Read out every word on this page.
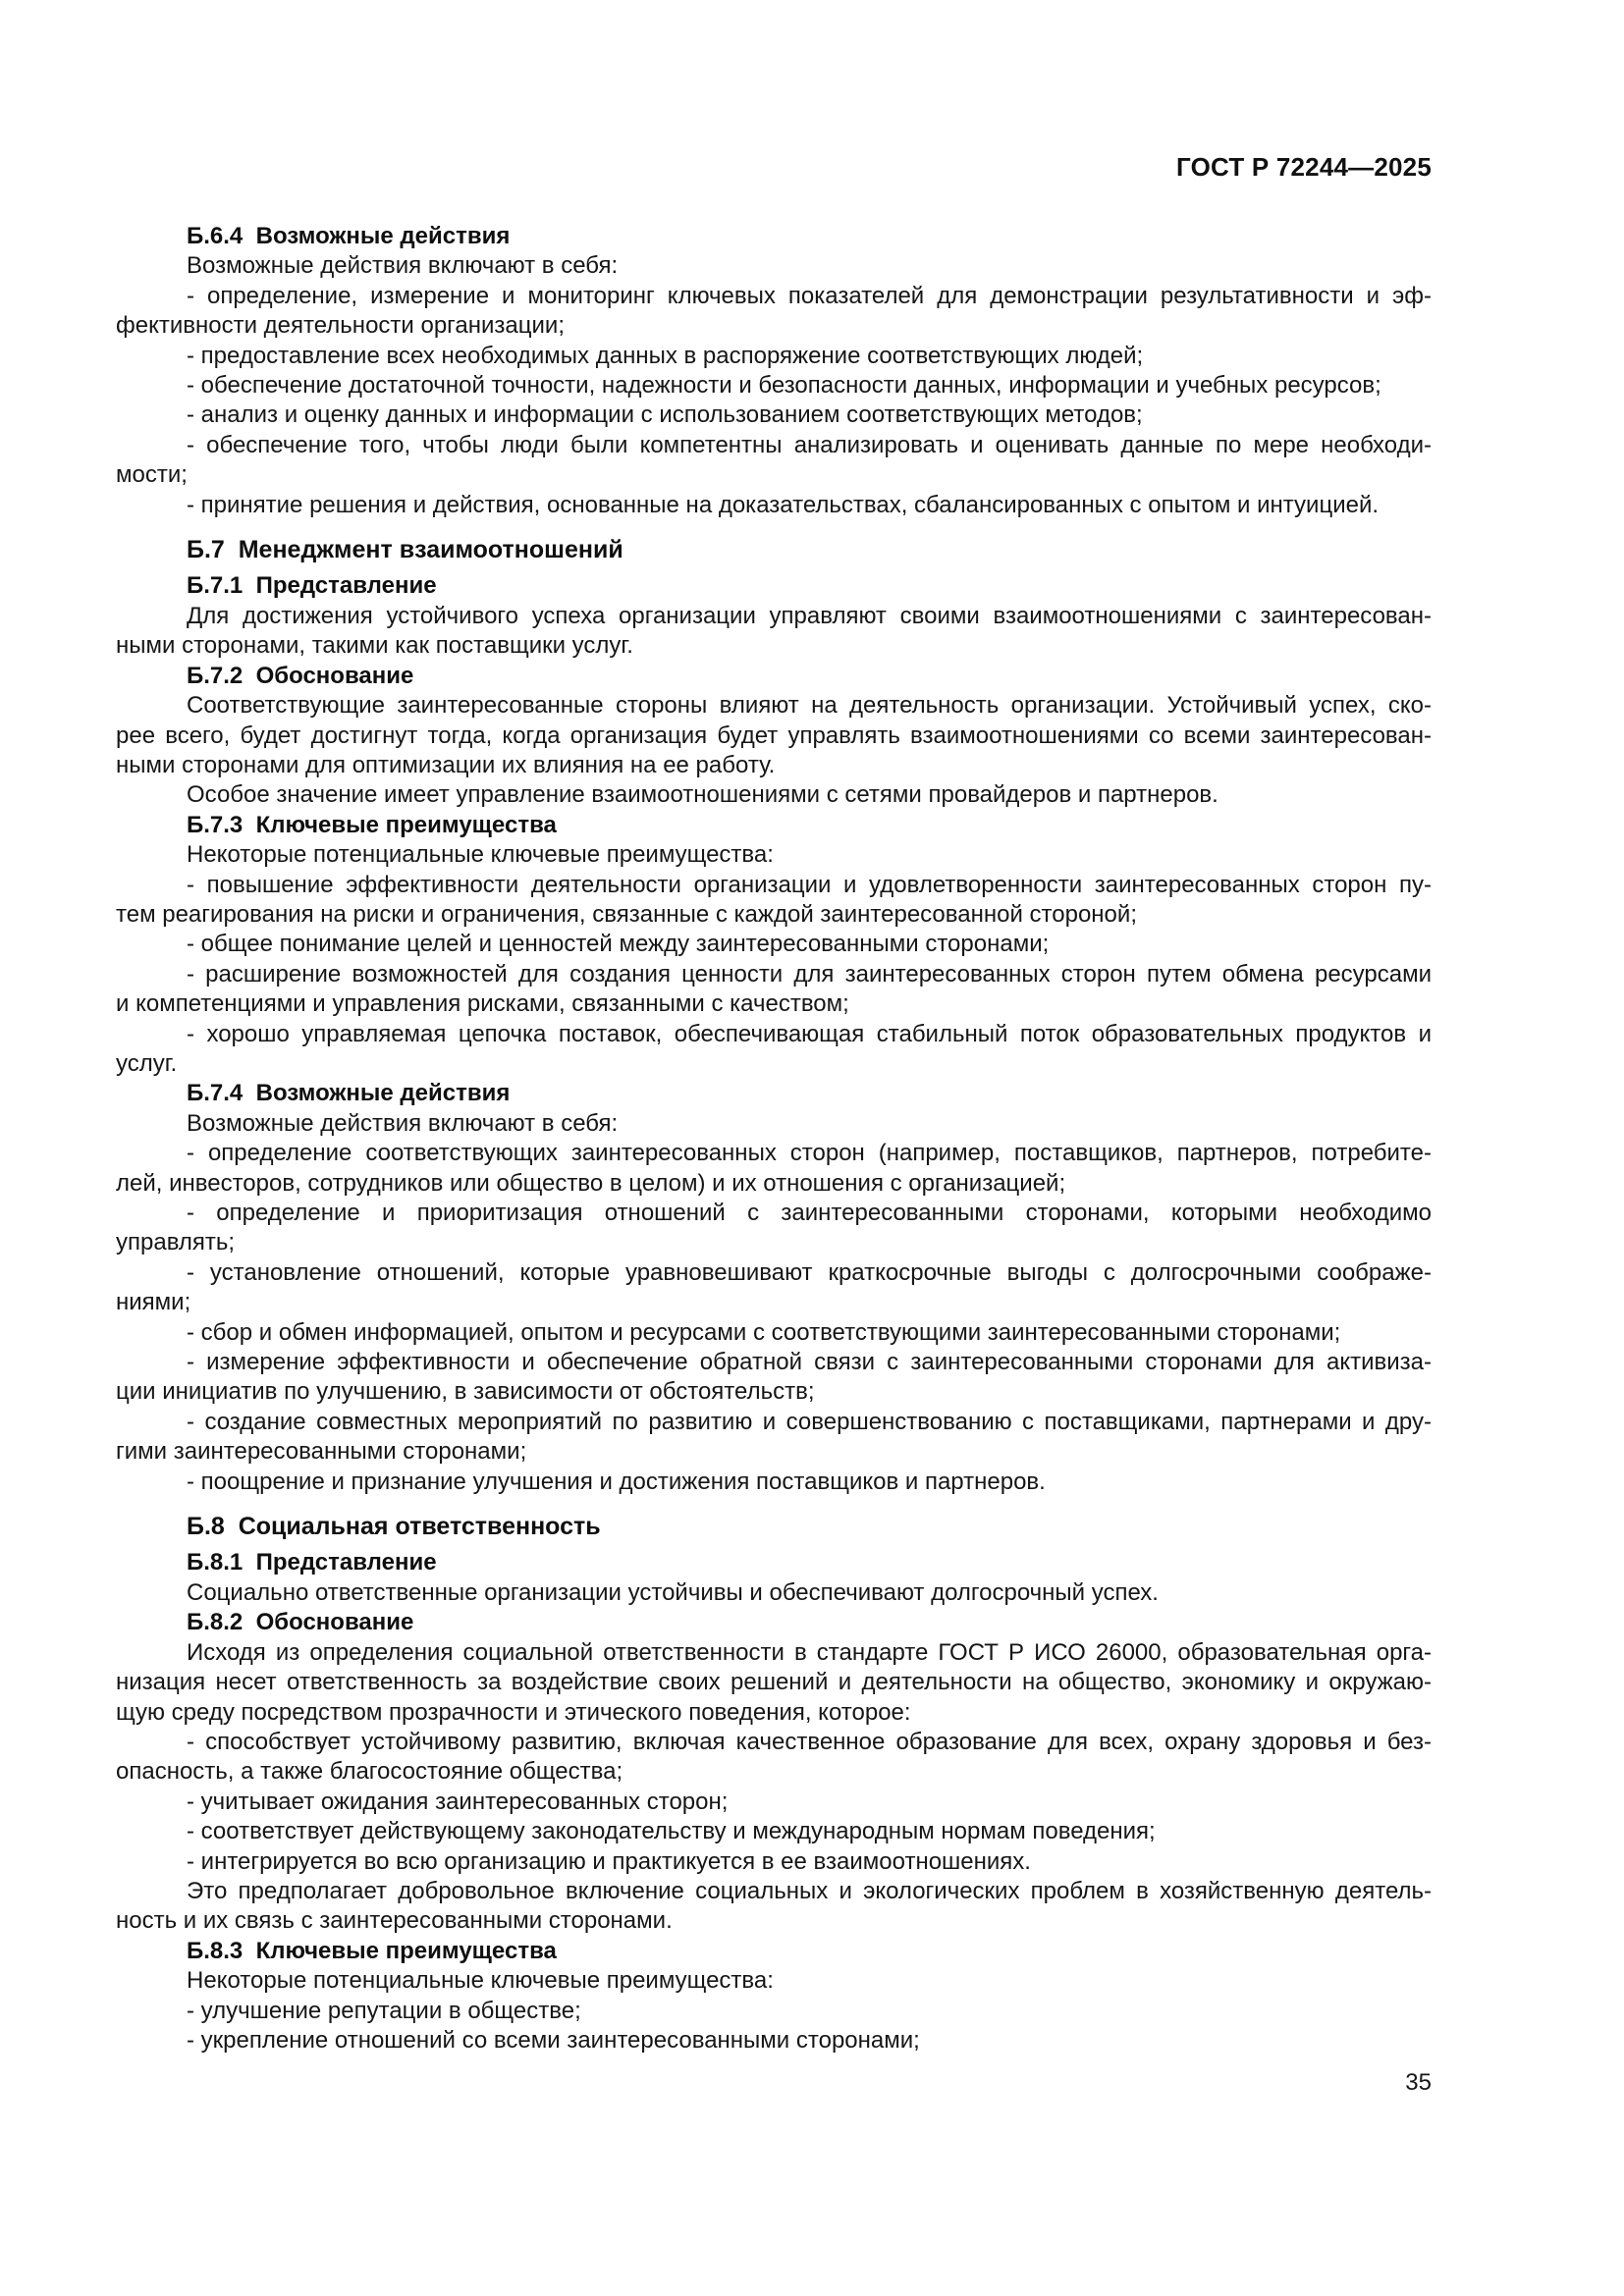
ГОСТ Р 72244—2025
Б.6.4  Возможные действия
Возможные действия включают в себя:
- определение, измерение и мониторинг ключевых показателей для демонстрации результативности и эф-
фективности деятельности организации;
- предоставление всех необходимых данных в распоряжение соответствующих людей;
- обеспечение достаточной точности, надежности и безопасности данных, информации и учебных ресурсов;
- анализ и оценку данных и информации с использованием соответствующих методов;
- обеспечение того, чтобы люди были компетентны анализировать и оценивать данные по мере необходи-
мости;
- принятие решения и действия, основанные на доказательствах, сбалансированных с опытом и интуицией.
Б.7  Менеджмент взаимоотношений
Б.7.1  Представление
Для достижения устойчивого успеха организации управляют своими взаимоотношениями с заинтересован-
ными сторонами, такими как поставщики услуг.
Б.7.2  Обоснование
Соответствующие заинтересованные стороны влияют на деятельность организации. Устойчивый успех, ско-
рее всего, будет достигнут тогда, когда организация будет управлять взаимоотношениями со всеми заинтересован-
ными сторонами для оптимизации их влияния на ее работу.
Особое значение имеет управление взаимоотношениями с сетями провайдеров и партнеров.
Б.7.3  Ключевые преимущества
Некоторые потенциальные ключевые преимущества:
- повышение эффективности деятельности организации и удовлетворенности заинтересованных сторон пу-
тем реагирования на риски и ограничения, связанные с каждой заинтересованной стороной;
- общее понимание целей и ценностей между заинтересованными сторонами;
- расширение возможностей для создания ценности для заинтересованных сторон путем обмена ресурсами
и компетенциями и управления рисками, связанными с качеством;
- хорошо управляемая цепочка поставок, обеспечивающая стабильный поток образовательных продуктов и
услуг.
Б.7.4  Возможные действия
Возможные действия включают в себя:
- определение соответствующих заинтересованных сторон (например, поставщиков, партнеров, потребите-
лей, инвесторов, сотрудников или общество в целом) и их отношения с организацией;
- определение и приоритизация отношений с заинтересованными сторонами, которыми необходимо
управлять;
- установление отношений, которые уравновешивают краткосрочные выгоды с долгосрочными соображе-
ниями;
- сбор и обмен информацией, опытом и ресурсами с соответствующими заинтересованными сторонами;
- измерение эффективности и обеспечение обратной связи с заинтересованными сторонами для активиза-
ции инициатив по улучшению, в зависимости от обстоятельств;
- создание совместных мероприятий по развитию и совершенствованию с поставщиками, партнерами и дру-
гими заинтересованными сторонами;
- поощрение и признание улучшения и достижения поставщиков и партнеров.
Б.8  Социальная ответственность
Б.8.1  Представление
Социально ответственные организации устойчивы и обеспечивают долгосрочный успех.
Б.8.2  Обоснование
Исходя из определения социальной ответственности в стандарте ГОСТ Р ИСО 26000, образовательная орга-
низация несет ответственность за воздействие своих решений и деятельности на общество, экономику и окружаю-
щую среду посредством прозрачности и этического поведения, которое:
- способствует устойчивому развитию, включая качественное образование для всех, охрану здоровья и без-
опасность, а также благосостояние общества;
- учитывает ожидания заинтересованных сторон;
- соответствует действующему законодательству и международным нормам поведения;
- интегрируется во всю организацию и практикуется в ее взаимоотношениях.
Это предполагает добровольное включение социальных и экологических проблем в хозяйственную деятель-
ность и их связь с заинтересованными сторонами.
Б.8.3  Ключевые преимущества
Некоторые потенциальные ключевые преимущества:
- улучшение репутации в обществе;
- укрепление отношений со всеми заинтересованными сторонами;
35
